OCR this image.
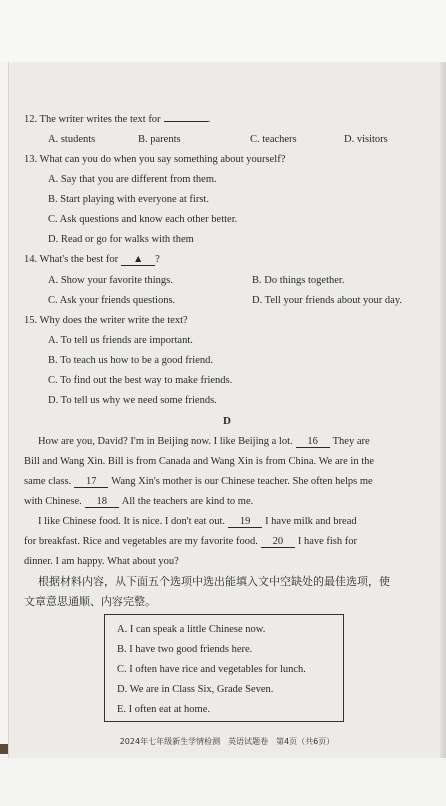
12. The writer writes the text for	.
A. students	B. parents	C. teachers	D. visitors
13. What can you do when you say something about yourself?
A. Say that you are different from them.
B. Start playing with everyone at first.
C. Ask questions and know each other better.
D. Read or go for walks with them
14. What's the best for ▲ ?
A. Show your favorite things.	B. Do things together.
C. Ask your friends questions.	D. Tell your friends about your day.
15. Why does the writer write the text?
A. To tell us friends are important.
B. To teach us how to be a good friend.
C. To find out the best way to make friends.
D. To tell us why we need some friends.
D
How are you, David? I'm in Beijing now. I like Beijing a lot. 16 They are
Bill and Wang Xin. Bill is from Canada and Wang Xin is from China. We are in the
same class. 17 Wang Xin's mother is our Chinese teacher. She often helps me
with Chinese. 18 All the teachers are kind to me.
I like Chinese food. It is nice. I don't eat out. 19 I have milk and bread
for breakfast. Rice and vegetables are my favorite food. 20 I have fish for
dinner. I am happy. What about you?
根据材料内容，从下面五个选项中选出能填入文中空缺处的最佳选项，使
文章意思通顺、内容完整。
A. I can speak a little Chinese now.
B. I have two good friends here.
C. I often have rice and vegetables for lunch.
D. We are in Class Six, Grade Seven.
E. I often eat at home.
2024年七年级新生学情检测　英语试题卷　第4页（共6页）
